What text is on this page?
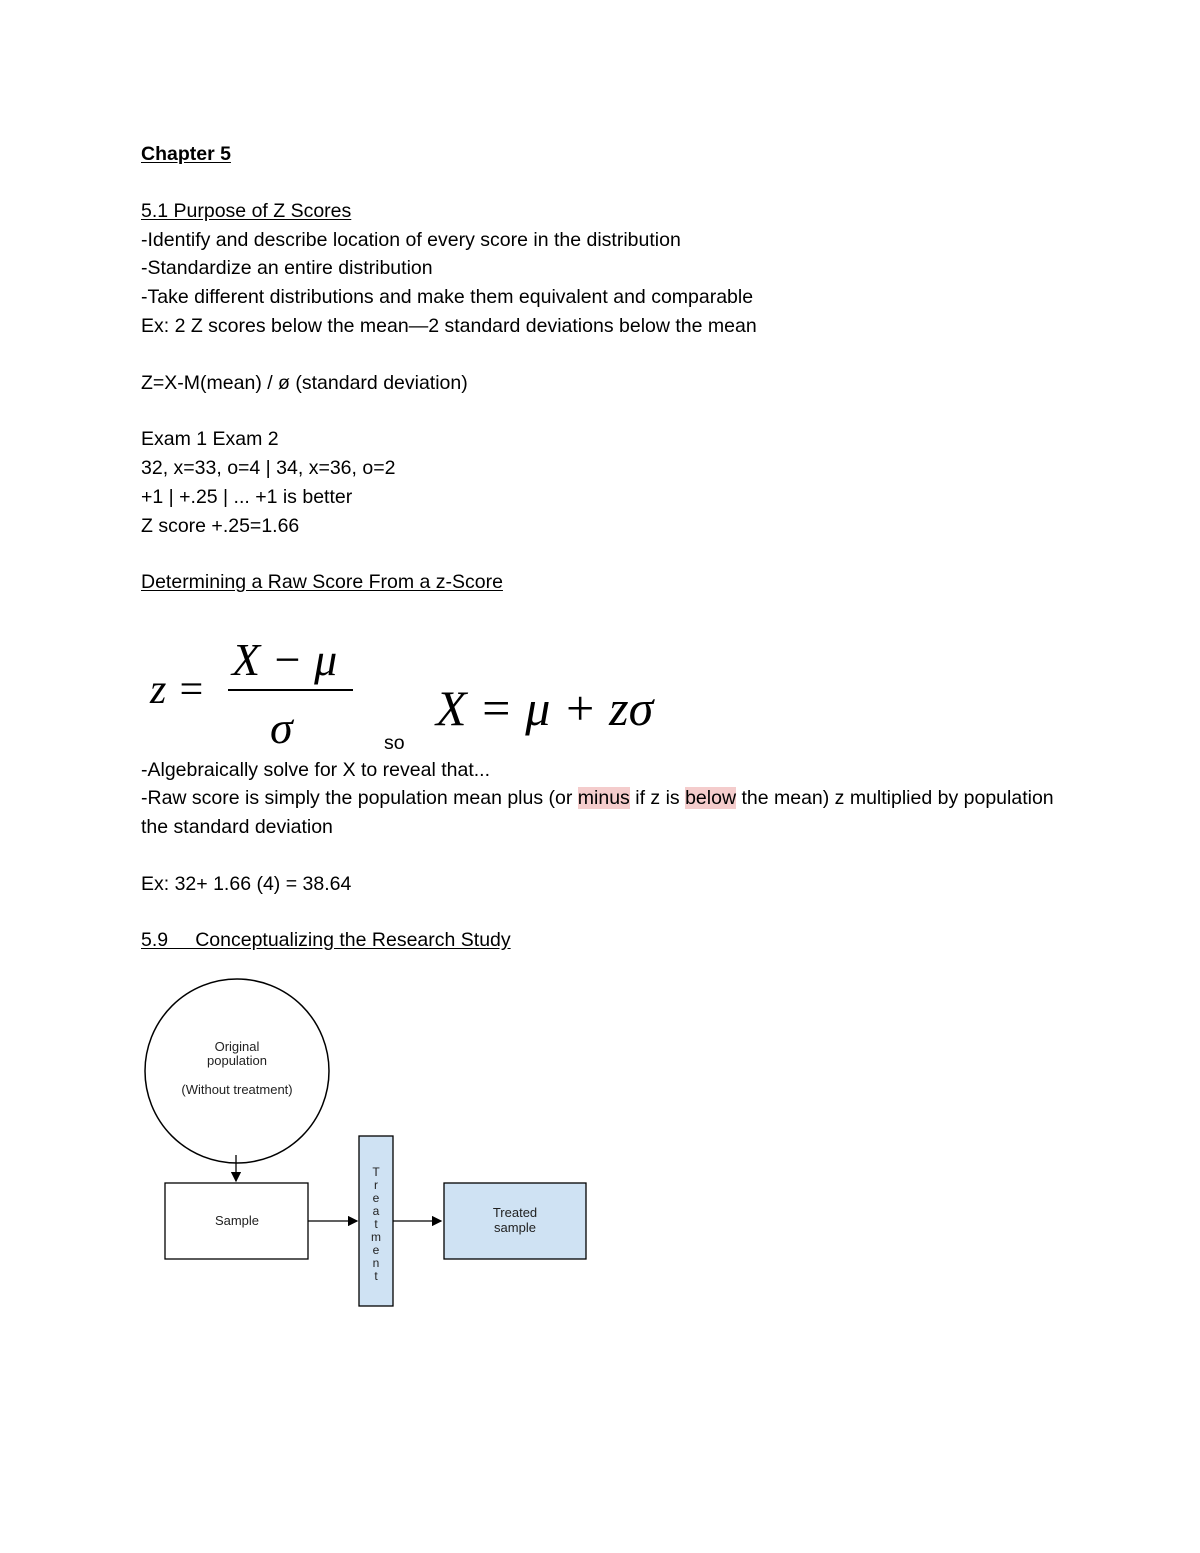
Chapter 5
5.1 Purpose of Z Scores
-Identify and describe location of every score in the distribution
-Standardize an entire distribution
-Take different distributions and make them equivalent and comparable
Ex: 2 Z scores below the mean—2 standard deviations below the mean
Z=X-M(mean) / ø (standard deviation)
Exam 1 Exam 2
32, x=33, o=4 | 34, x=36, o=2
+1 | +.25 | ... +1 is better
Z score +.25=1.66
Determining a Raw Score From a z-Score
z =
X − μ
σ	so
X = μ + zσ
-Algebraically solve for X to reveal that...
-Raw score is simply the population mean plus (or minus if z is below the mean) z multiplied by population the standard deviation
Ex: 32+ 1.66 (4) = 38.64
5.9     Conceptualizing the Research Study
Original
population
(Without treatment)
Sample
T
r
e
a
t
m
e
n
t
Treated
sample
